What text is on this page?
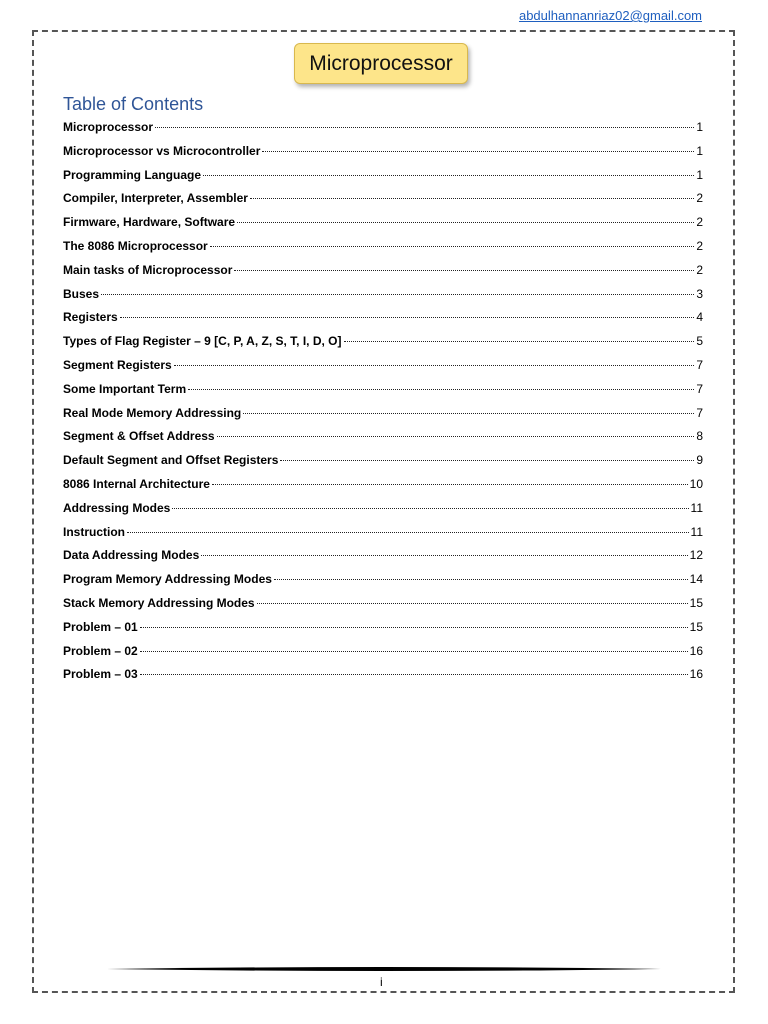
abdulhannanriaz02@gmail.com
Microprocessor
Table of Contents
Microprocessor	1
Microprocessor vs Microcontroller	1
Programming Language	1
Compiler, Interpreter, Assembler	2
Firmware, Hardware, Software	2
The 8086 Microprocessor	2
Main tasks of Microprocessor	2
Buses	3
Registers	4
Types of Flag Register – 9 [C, P, A, Z, S, T, I, D, O]	5
Segment Registers	7
Some Important Term	7
Real Mode Memory Addressing	7
Segment & Offset Address	8
Default Segment and Offset Registers	9
8086 Internal Architecture	10
Addressing Modes	11
Instruction	11
Data Addressing Modes	12
Program Memory Addressing Modes	14
Stack Memory Addressing Modes	15
Problem – 01	15
Problem – 02	16
Problem – 03	16
i
